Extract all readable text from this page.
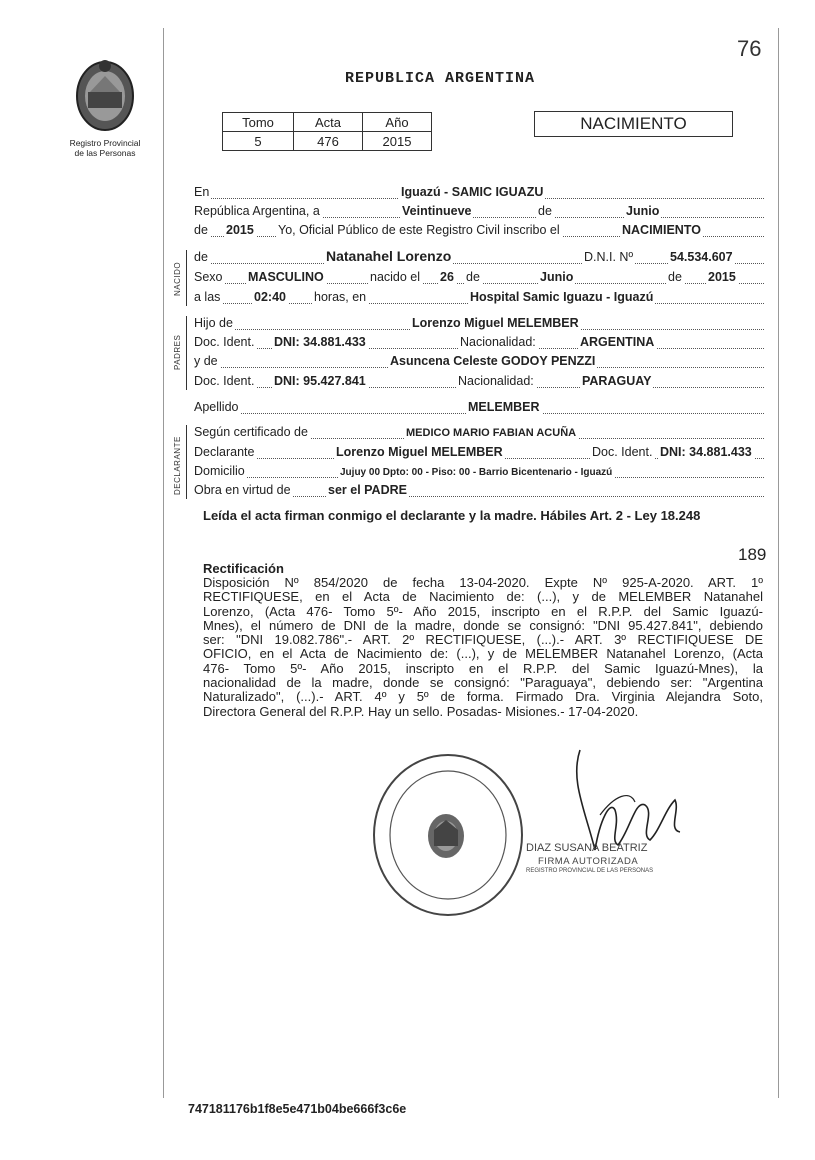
76
Registro Provincial
de las Personas
REPUBLICA ARGENTINA
Tomo	Acta	Año
5	476	2015
NACIMIENTO
En	Iguazú - SAMIC IGUAZU
República Argentina, a	Veintinueve	de	Junio
de 2015 Yo, Oficial Público de este Registro Civil inscribo el	NACIMIENTO
de	Natanahel Lorenzo	D.N.I. Nº	54.534.607
Sexo MASCULINO	nacido el 26 de	Junio	de 2015
a las	02:40 horas, en	Hospital Samic Iguazu - Iguazú
Hijo de	Lorenzo Miguel MELEMBER
Doc. Ident. DNI: 34.881.433	Nacionalidad:	ARGENTINA
y de	Asuncena Celeste GODOY PENZZI
Doc. Ident. DNI: 95.427.841	Nacionalidad:	PARAGUAY
Apellido	MELEMBER
Según certificado de	MEDICO MARIO FABIAN ACUÑA
Declarante	Lorenzo Miguel MELEMBER	Doc. Ident. DNI: 34.881.433
Domicilio	Jujuy 00 Dpto: 00 - Piso: 00 - Barrio Bicentenario - Iguazú
Obra en virtud de	ser el PADRE
NACIDO
PADRES
DECLARANTE
Leída el acta firman conmigo el declarante y la madre. Hábiles Art. 2 - Ley 18.248
189
Rectificación
Disposición Nº 854/2020 de fecha 13-04-2020. Expte Nº 925-A-2020. ART. 1º
RECTIFIQUESE, en el Acta de Nacimiento de: (...), y de MELEMBER Natanahel
Lorenzo, (Acta 476- Tomo 5º- Año 2015, inscripto en el R.P.P. del Samic Iguazú-
Mnes), el número de DNI de la madre, donde se consignó: "DNI 95.427.841", debiendo
ser: "DNI 19.082.786".- ART. 2º RECTIFIQUESE, (...).- ART. 3º RECTIFIQUESE DE
OFICIO, en el Acta de Nacimiento de: (...), y de MELEMBER Natanahel Lorenzo, (Acta
476- Tomo 5º- Año 2015, inscripto en el R.P.P. del Samic Iguazú-Mnes), la
nacionalidad de la madre, donde se consignó: "Paraguaya", debiendo ser: "Argentina
Naturalizado", (...).- ART. 4º y 5º de forma. Firmado Dra. Virginia Alejandra Soto,
Directora General del R.P.P. Hay un sello. Posadas- Misiones.- 17-04-2020.
DIAZ SUSANA BEATRIZ
FIRMA AUTORIZADA
REGISTRO PROVINCIAL DE LAS PERSONAS
747181176b1f8e5e471b04be666f3c6e
